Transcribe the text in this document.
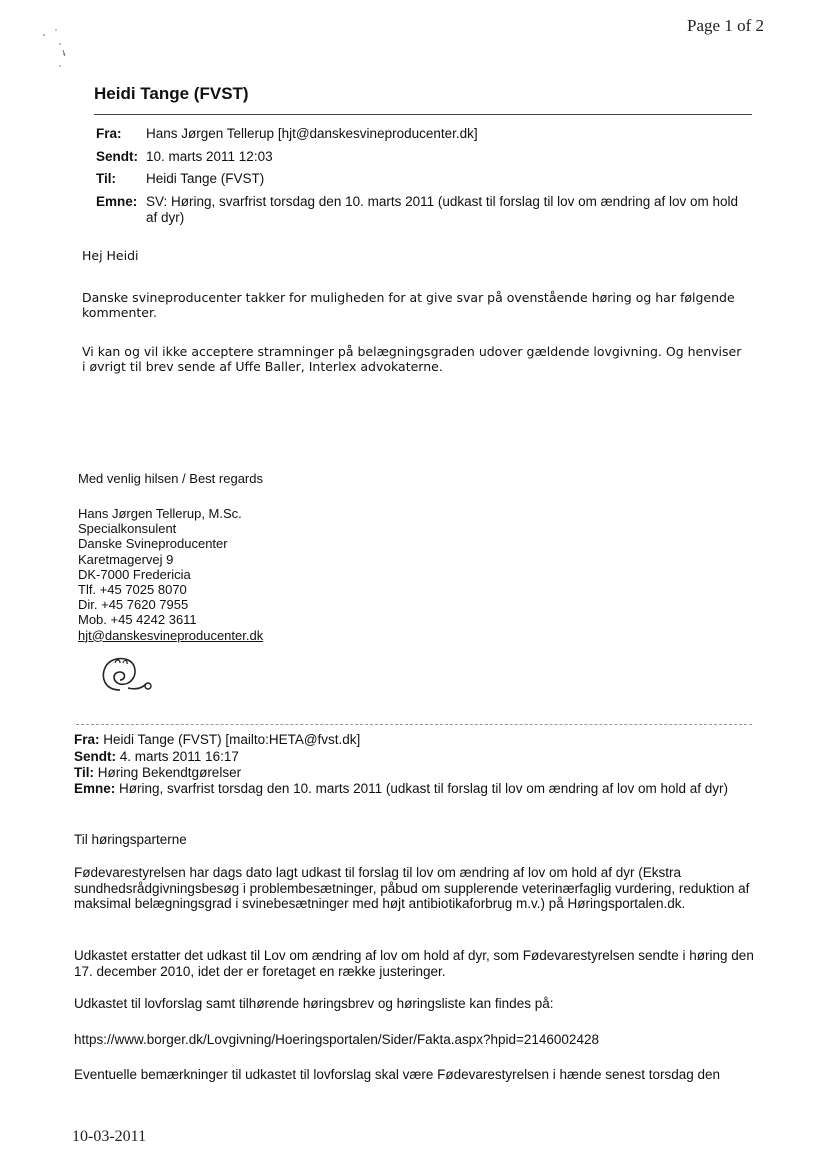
Page 1 of 2
Heidi Tange (FVST)
Fra: Hans Jørgen Tellerup [hjt@danskesvineproducenter.dk]
Sendt: 10. marts 2011 12:03
Til: Heidi Tange (FVST)
Emne: SV: Høring, svarfrist torsdag den 10. marts 2011 (udkast til forslag til lov om ændring af lov om hold af dyr)
Hej Heidi
Danske svineproducenter takker for muligheden for at give svar på ovenstående høring og har følgende kommenter.
Vi kan og vil ikke acceptere stramninger på belægningsgraden udover gældende lovgivning. Og henviser i øvrigt til brev sende af Uffe Baller, Interlex advokaterne.
Med venlig hilsen / Best regards
Hans Jørgen Tellerup, M.Sc.
Specialkonsulent
Danske Svineproducenter
Karetmagervej 9
DK-7000 Fredericia
Tlf. +45 7025 8070
Dir. +45 7620 7955
Mob. +45 4242 3611
hjt@danskesvineproducenter.dk
Fra: Heidi Tange (FVST) [mailto:HETA@fvst.dk]
Sendt: 4. marts 2011 16:17
Til: Høring Bekendtgørelser
Emne: Høring, svarfrist torsdag den 10. marts 2011 (udkast til forslag til lov om ændring af lov om hold af dyr)
Til høringsparterne
Fødevarestyrelsen har dags dato lagt udkast til forslag til lov om ændring af lov om hold af dyr (Ekstra sundhedsrådgivningsbesøg i problembesætninger, påbud om supplerende veterinærfaglig vurdering, reduktion af maksimal belægningsgrad i svinebesætninger med højt antibiotikaforbrug m.v.) på Høringsportalen.dk.
Udkastet erstatter det udkast til Lov om ændring af lov om hold af dyr, som Fødevarestyrelsen sendte i høring den 17. december 2010, idet der er foretaget en række justeringer.
Udkastet til lovforslag samt tilhørende høringsbrev og høringsliste kan findes på:
https://www.borger.dk/Lovgivning/Hoeringsportalen/Sider/Fakta.aspx?hpid=2146002428
Eventuelle bemærkninger til udkastet til lovforslag skal være Fødevarestyrelsen i hænde senest torsdag den
10-03-2011
